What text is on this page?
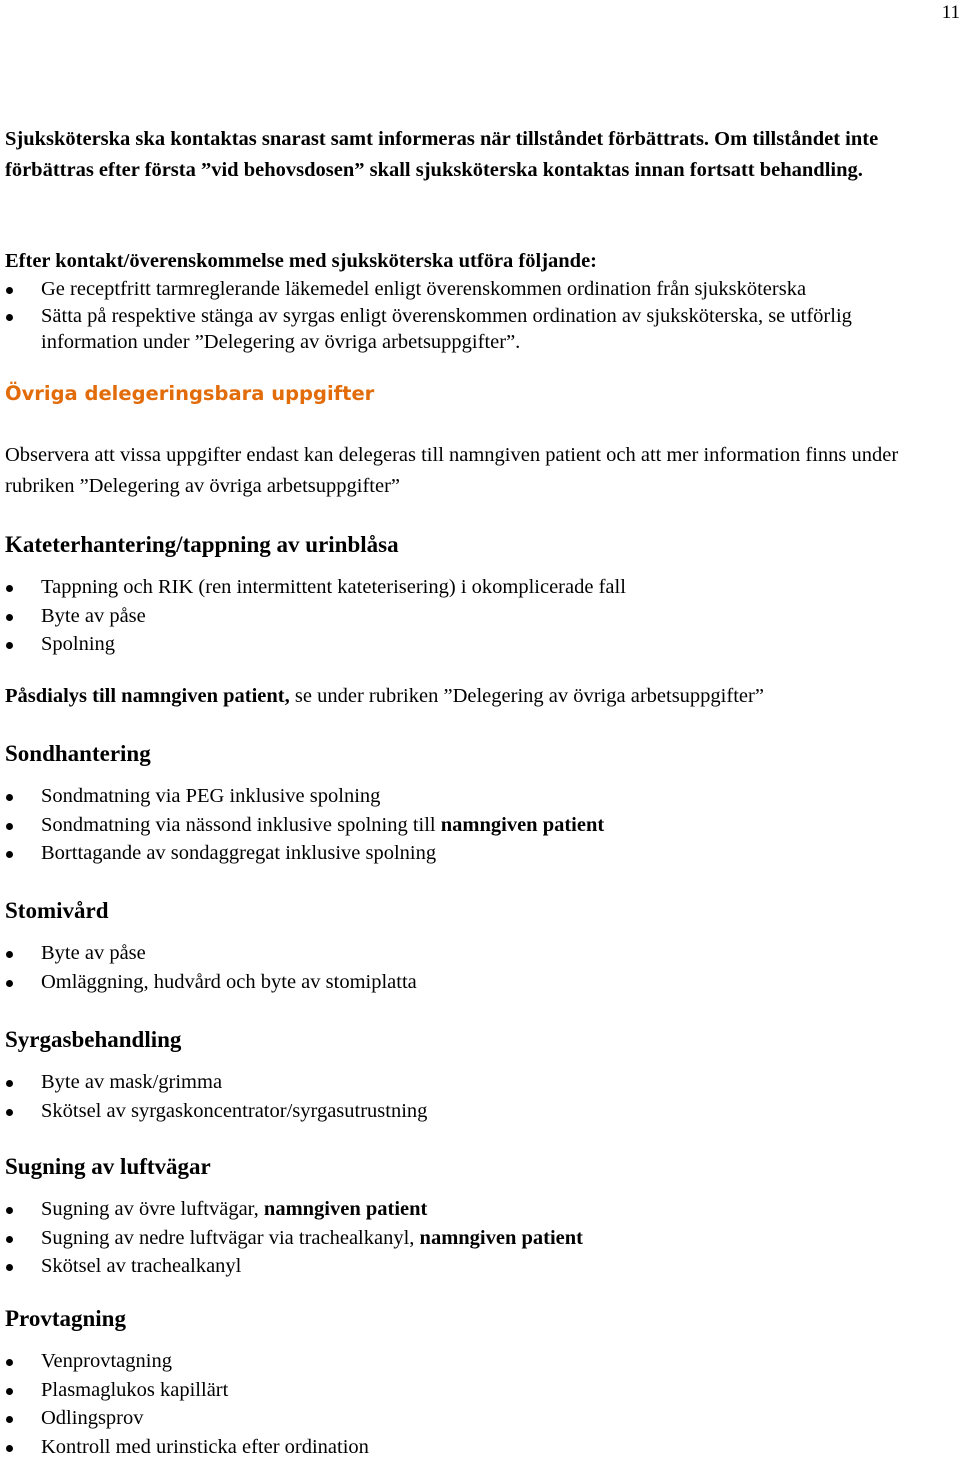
11

Sjuksköterska ska kontaktas snarast samt informeras när tillståndet förbättrats. Om tillståndet inte förbättras efter första ”vid behovsdosen” skall sjuksköterska kontaktas innan fortsatt behandling.

Efter kontakt/överenskommelse med sjuksköterska utföra följande:

Ge receptfritt tarmreglerande läkemedel enligt överenskommen ordination från sjuksköterska
Sätta på respektive stänga av syrgas enligt överenskommen ordination av sjuksköterska, se utförlig information under ”Delegering av övriga arbetsuppgifter”.
Övriga delegeringsbara uppgifter

Observera att vissa uppgifter endast kan delegeras till namngiven patient och att mer information finns under rubriken ”Delegering av övriga arbetsuppgifter”

Kateterhantering/tappning av urinblåsa
Tappning och RIK (ren intermittent kateterisering) i okomplicerade fall
Byte av påse
Spolning

Påsdialys till namngiven patient, se under rubriken ”Delegering av övriga arbetsuppgifter”

Sondhantering
Sondmatning via PEG inklusive spolning
Sondmatning via nässond inklusive spolning till namngiven patient
Borttagande av sondaggregat inklusive spolning
Stomivård
Byte av påse
Omläggning, hudvård och byte av stomiplatta
Syrgasbehandling
Byte av mask/grimma
Skötsel av syrgaskoncentrator/syrgasutrustning
Sugning av luftvägar
Sugning av övre luftvägar, namngiven patient
Sugning av nedre luftvägar via trachealkanyl, namngiven patient
Skötsel av trachealkanyl
Provtagning
Venprovtagning
Plasmaglukos kapillärt
Odlingsprov
Kontroll med urinsticka efter ordination
